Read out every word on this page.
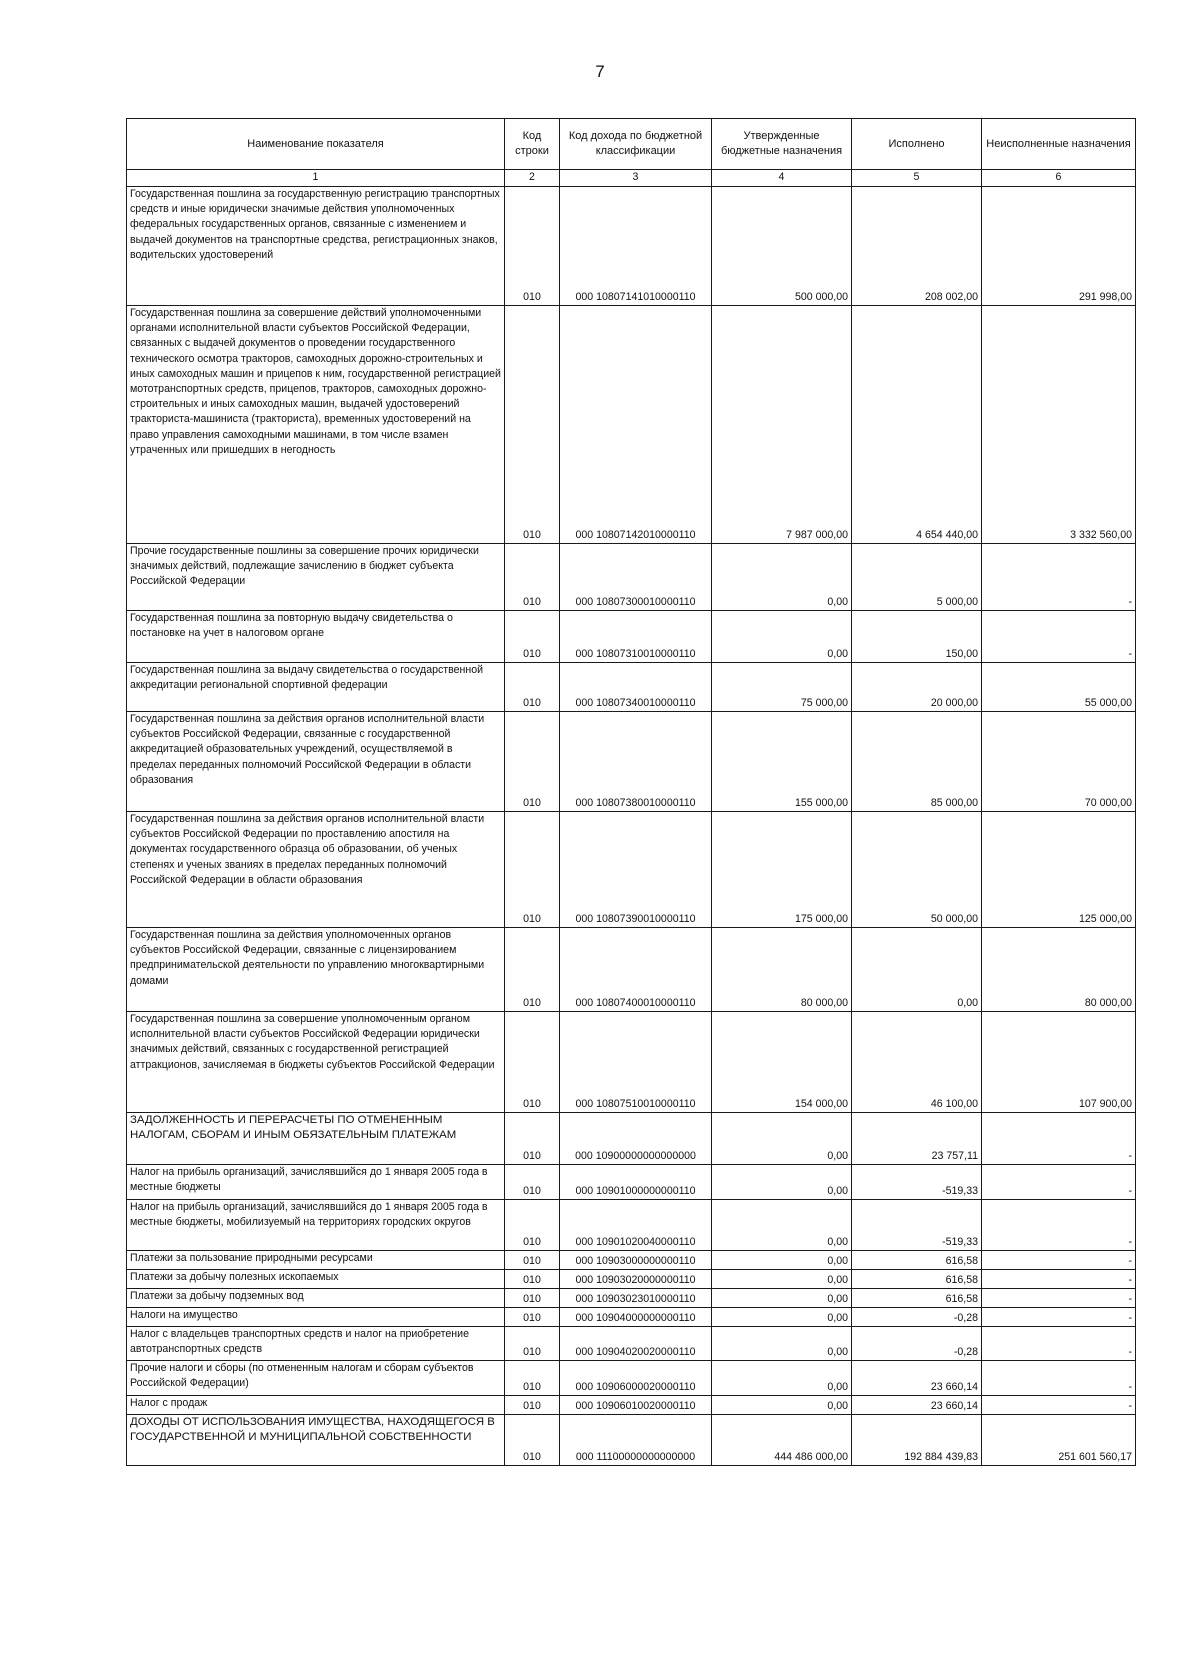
7
Наименование показателя	Код строки	Код дохода по бюджетной классификации	Утвержденные бюджетные назначения	Исполнено	Неисполненные назначения
1	2	3	4	5	6
Государственная пошлина за государственную регистрацию транспортных средств и иные юридически значимые действия уполномоченных федеральных государственных органов, связанные с изменением и выдачей документов на транспортные средства, регистрационных знаков, водительских удостоверений	010	000 10807141010000110	500 000,00	208 002,00	291 998,00
Государственная пошлина за совершение действий уполномоченными органами исполнительной власти субъектов Российской Федерации, связанных с выдачей документов о проведении государственного технического осмотра тракторов, самоходных дорожно-строительных и иных самоходных машин и прицепов к ним, государственной регистрацией мототранспортных средств, прицепов, тракторов, самоходных дорожно-строительных и иных самоходных машин, выдачей удостоверений тракториста-машиниста (тракториста), временных удостоверений на право управления самоходными машинами, в том числе взамен утраченных или пришедших в негодность	010	000 10807142010000110	7 987 000,00	4 654 440,00	3 332 560,00
Прочие государственные пошлины за совершение прочих юридически значимых действий, подлежащие зачислению в бюджет субъекта Российской Федерации	010	000 10807300010000110	0,00	5 000,00	-
Государственная пошлина за повторную выдачу свидетельства о постановке на учет в налоговом органе	010	000 10807310010000110	0,00	150,00	-
Государственная пошлина за выдачу свидетельства о государственной аккредитации региональной спортивной федерации	010	000 10807340010000110	75 000,00	20 000,00	55 000,00
Государственная пошлина за действия органов исполнительной власти субъектов Российской Федерации, связанные с государственной аккредитацией образовательных учреждений, осуществляемой в пределах переданных полномочий Российской Федерации в области образования	010	000 10807380010000110	155 000,00	85 000,00	70 000,00
Государственная пошлина за действия органов исполнительной власти субъектов Российской Федерации по проставлению апостиля на документах государственного образца об образовании, об ученых степенях и ученых званиях в пределах переданных полномочий Российской Федерации в области образования	010	000 10807390010000110	175 000,00	50 000,00	125 000,00
Государственная пошлина за действия уполномоченных органов субъектов Российской Федерации, связанные с лицензированием предпринимательской деятельности по управлению многоквартирными домами	010	000 10807400010000110	80 000,00	0,00	80 000,00
Государственная пошлина за совершение уполномоченным органом исполнительной власти субъектов Российской Федерации юридически значимых действий, связанных с государственной регистрацией аттракционов, зачисляемая в бюджеты субъектов Российской Федерации	010	000 10807510010000110	154 000,00	46 100,00	107 900,00
ЗАДОЛЖЕННОСТЬ И ПЕРЕРАСЧЕТЫ ПО ОТМЕНЕННЫМ НАЛОГАМ, СБОРАМ И ИНЫМ ОБЯЗАТЕЛЬНЫМ ПЛАТЕЖАМ	010	000 10900000000000000	0,00	23 757,11	-
Налог на прибыль организаций, зачислявшийся до 1 января 2005 года в местные бюджеты	010	000 10901000000000110	0,00	-519,33	-
Налог на прибыль организаций, зачислявшийся до 1 января 2005 года в местные бюджеты, мобилизуемый на территориях городских округов	010	000 10901020040000110	0,00	-519,33	-
Платежи за пользование природными ресурсами	010	000 10903000000000110	0,00	616,58	-
Платежи за добычу полезных ископаемых	010	000 10903020000000110	0,00	616,58	-
Платежи за добычу подземных вод	010	000 10903023010000110	0,00	616,58	-
Налоги на имущество	010	000 10904000000000110	0,00	-0,28	-
Налог с владельцев транспортных средств и налог на приобретение автотранспортных средств	010	000 10904020020000110	0,00	-0,28	-
Прочие налоги и сборы (по отмененным налогам и сборам субъектов Российской Федерации)	010	000 10906000020000110	0,00	23 660,14	-
Налог с продаж	010	000 10906010020000110	0,00	23 660,14	-
ДОХОДЫ ОТ ИСПОЛЬЗОВАНИЯ ИМУЩЕСТВА, НАХОДЯЩЕГОСЯ В ГОСУДАРСТВЕННОЙ И МУНИЦИПАЛЬНОЙ СОБСТВЕННОСТИ	010	000 11100000000000000	444 486 000,00	192 884 439,83	251 601 560,17
